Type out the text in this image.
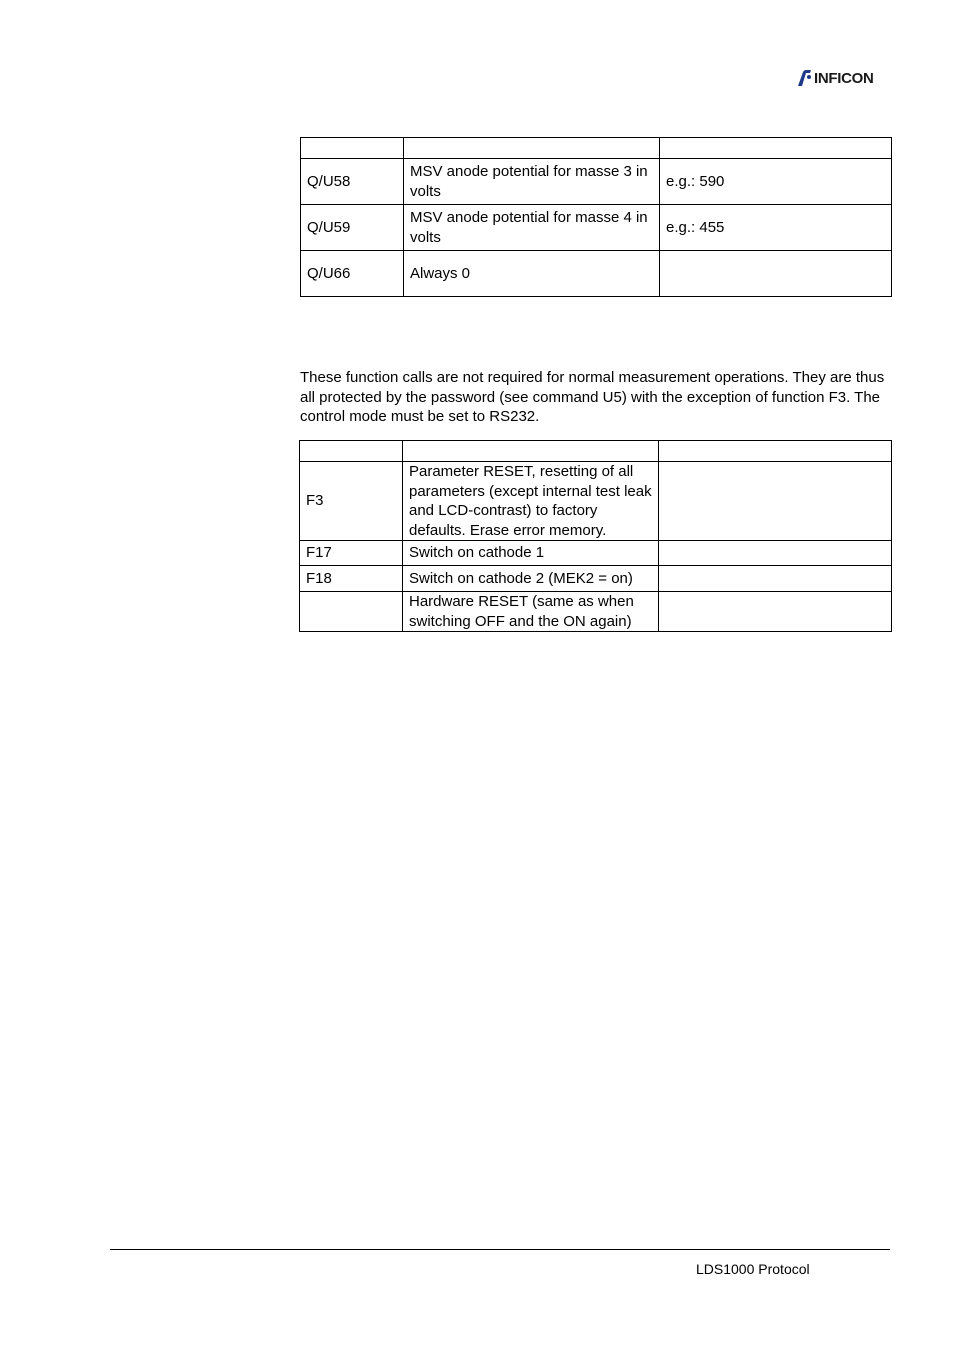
INFICON

Q/U58	MSV anode potential for masse 3 in volts	e.g.: 590
Q/U59	MSV anode potential for masse 4 in volts	e.g.: 455
Q/U66	Always 0	

These function calls are not required for normal measurement operations. They are thus all protected by the password (see command U5) with the exception of function F3. The control mode must be set to RS232.

F3	Parameter RESET, resetting of all parameters (except internal test leak and LCD-contrast) to factory defaults. Erase error memory.	
F17	Switch on cathode 1	
F18	Switch on cathode 2 (MEK2 = on)	
	Hardware RESET (same as when switching OFF and the ON again)	
LDS1000 Protocol
